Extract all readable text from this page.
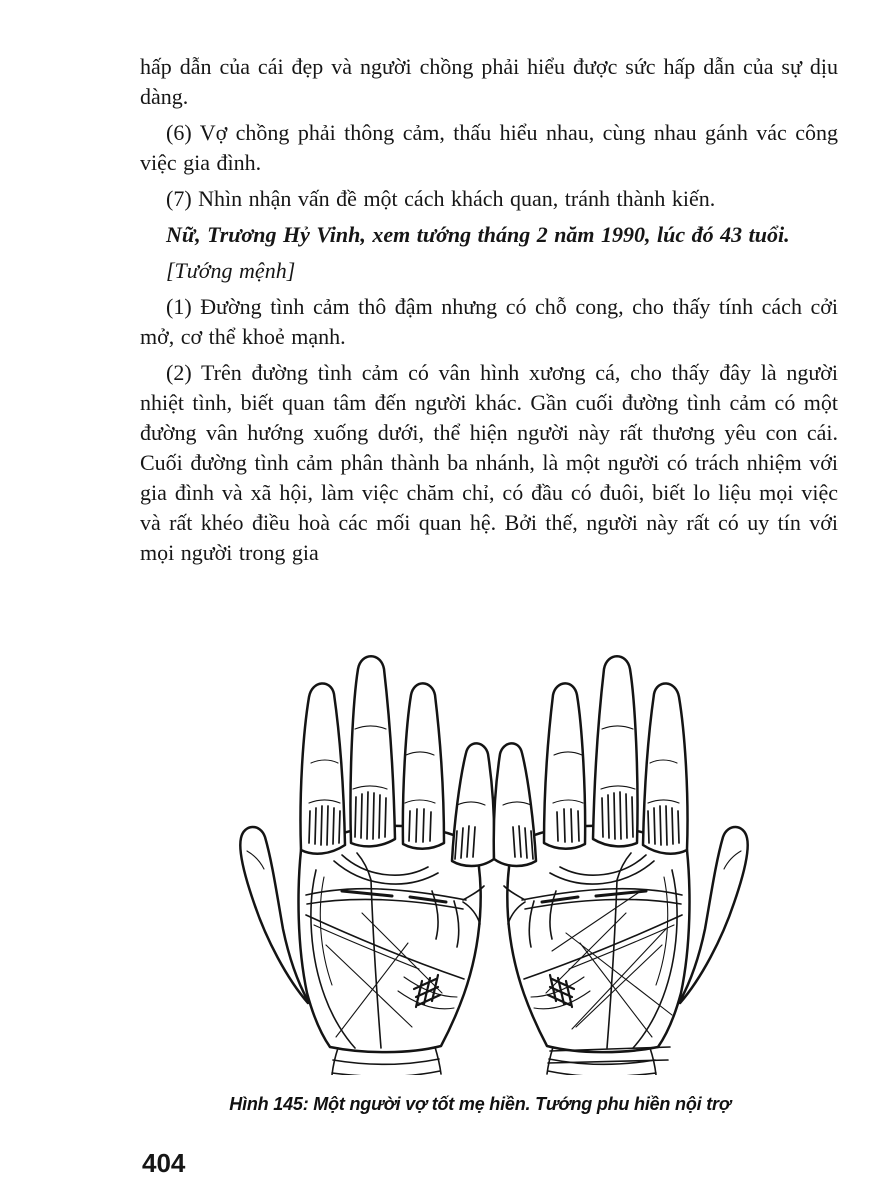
hấp dẫn của cái đẹp và người chồng phải hiểu được sức hấp dẫn của sự dịu dàng.

(6) Vợ chồng phải thông cảm, thấu hiểu nhau, cùng nhau gánh vác công việc gia đình.

(7) Nhìn nhận vấn đề một cách khách quan, tránh thành kiến.

Nữ, Trương Hỷ Vinh, xem tướng tháng 2 năm 1990, lúc đó 43 tuổi.

[Tướng mệnh]

(1) Đường tình cảm thô đậm nhưng có chỗ cong, cho thấy tính cách cởi mở, cơ thể khoẻ mạnh.

(2) Trên đường tình cảm có vân hình xương cá, cho thấy đây là người nhiệt tình, biết quan tâm đến người khác. Gần cuối đường tình cảm có một đường vân hướng xuống dưới, thể hiện người này rất thương yêu con cái. Cuối đường tình cảm phân thành ba nhánh, là một người có trách nhiệm với gia đình và xã hội, làm việc chăm chỉ, có đầu có đuôi, biết lo liệu mọi việc và rất khéo điều hoà các mối quan hệ. Bởi thế, người này rất có uy tín với mọi người trong gia

Hình 145: Một người vợ tốt mẹ hiền. Tướng phu hiền nội trợ
404
